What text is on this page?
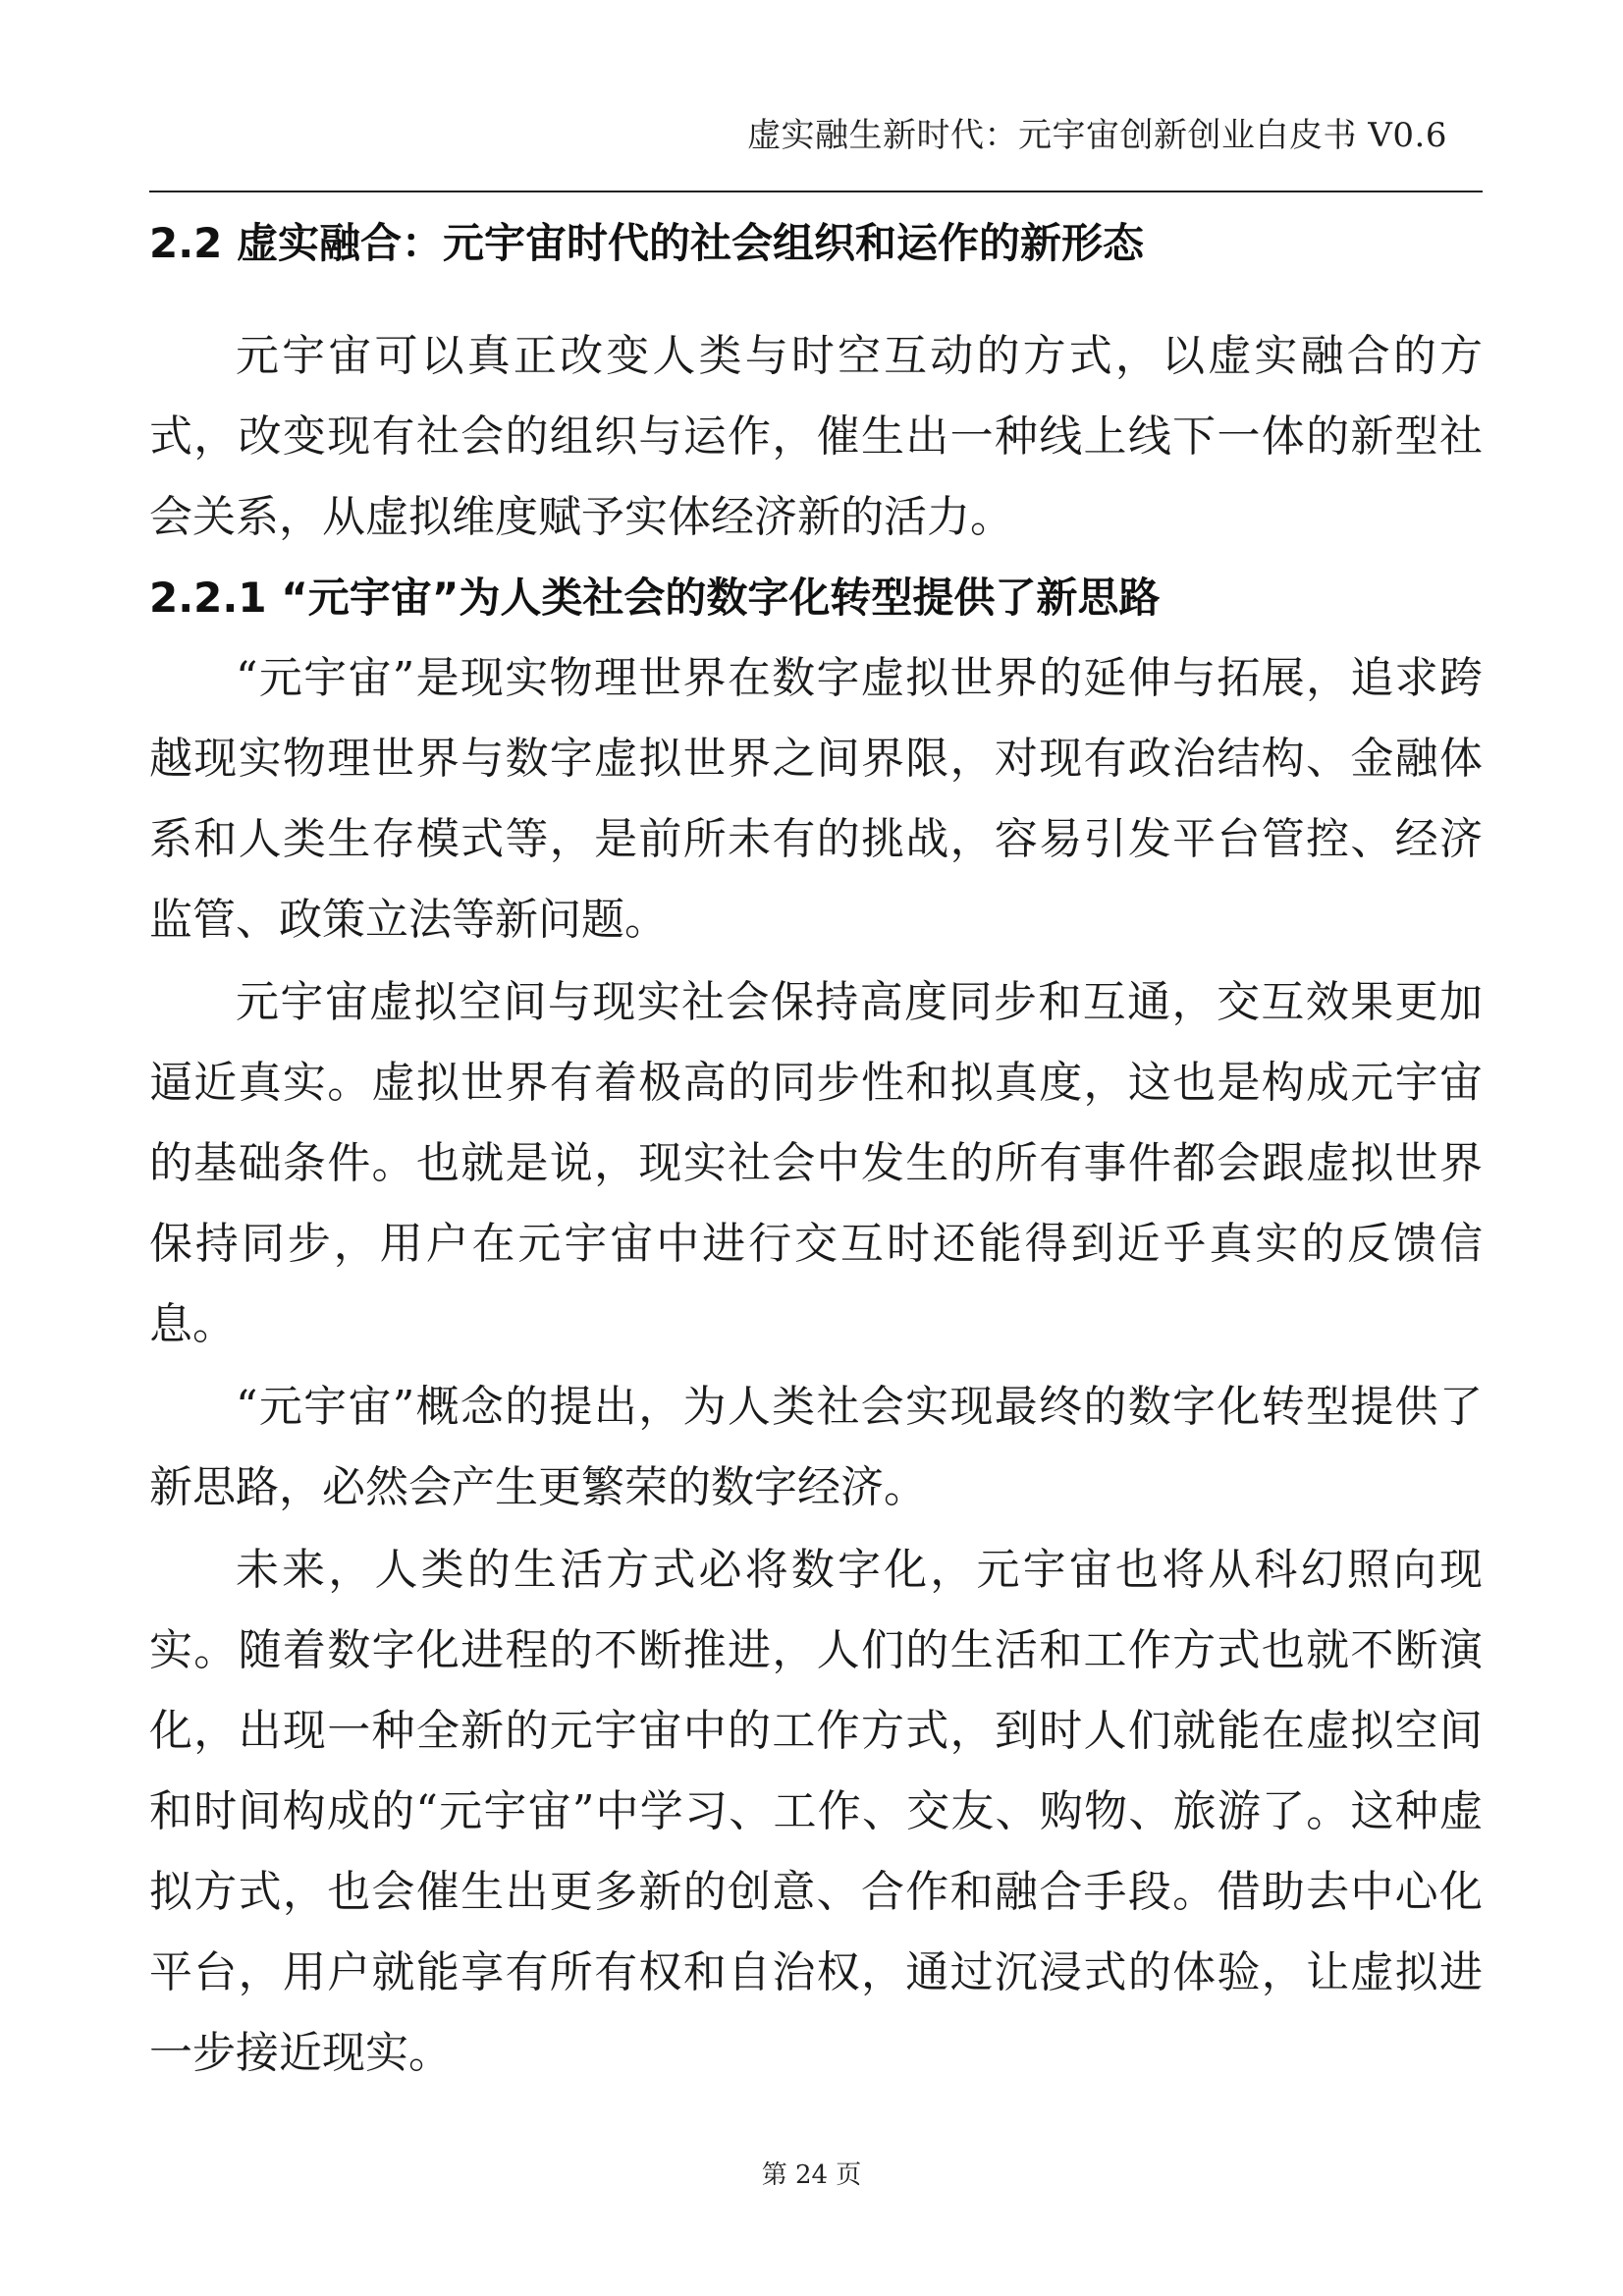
虚实融生新时代：元宇宙创新创业白皮书 V0.6
2.2 虚实融合：元宇宙时代的社会组织和运作的新形态

元宇宙可以真正改变人类与时空互动的方式，以虚实融合的方式，改变现有社会的组织与运作，催生出一种线上线下一体的新型社会关系，从虚拟维度赋予实体经济新的活力。

2.2.1 “元宇宙”为人类社会的数字化转型提供了新思路

“元宇宙”是现实物理世界在数字虚拟世界的延伸与拓展，追求跨越现实物理世界与数字虚拟世界之间界限，对现有政治结构、金融体系和人类生存模式等，是前所未有的挑战，容易引发平台管控、经济监管、政策立法等新问题。

元宇宙虚拟空间与现实社会保持高度同步和互通，交互效果更加逼近真实。虚拟世界有着极高的同步性和拟真度，这也是构成元宇宙的基础条件。也就是说，现实社会中发生的所有事件都会跟虚拟世界保持同步，用户在元宇宙中进行交互时还能得到近乎真实的反馈信息。

“元宇宙”概念的提出，为人类社会实现最终的数字化转型提供了新思路，必然会产生更繁荣的数字经济。

未来，人类的生活方式必将数字化，元宇宙也将从科幻照向现实。随着数字化进程的不断推进，人们的生活和工作方式也就不断演化，出现一种全新的元宇宙中的工作方式，到时人们就能在虚拟空间和时间构成的“元宇宙”中学习、工作、交友、购物、旅游了。这种虚拟方式，也会催生出更多新的创意、合作和融合手段。借助去中心化平台，用户就能享有所有权和自治权，通过沉浸式的体验，让虚拟进一步接近现实。

第 24 页
